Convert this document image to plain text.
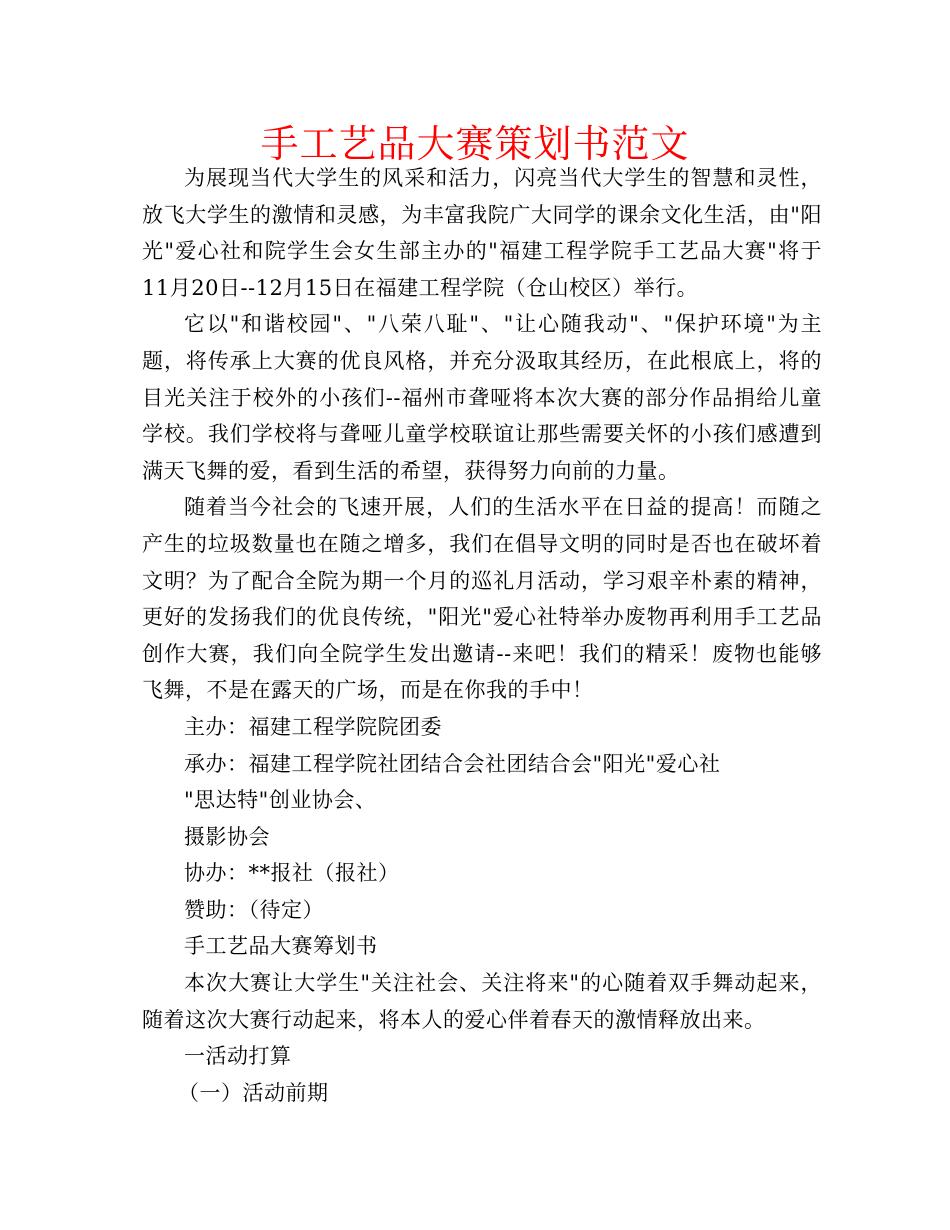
手工艺品大赛策划书范文

为展现当代大学生的风采和活力，闪亮当代大学生的智慧和灵性，放飞大学生的激情和灵感，为丰富我院广大同学的课余文化生活，由"阳光"爱心社和院学生会女生部主办的"福建工程学院手工艺品大赛"将于11月20日--12月15日在福建工程学院（仓山校区）举行。

它以"和谐校园"、"八荣八耻"、"让心随我动"、"保护环境"为主题，将传承上大赛的优良风格，并充分汲取其经历，在此根底上，将的目光关注于校外的小孩们--福州市聋哑将本次大赛的部分作品捐给儿童学校。我们学校将与聋哑儿童学校联谊让那些需要关怀的小孩们感遭到满天飞舞的爱，看到生活的希望，获得努力向前的力量。

随着当今社会的飞速开展，人们的生活水平在日益的提高！而随之产生的垃圾数量也在随之增多，我们在倡导文明的同时是否也在破坏着文明？为了配合全院为期一个月的巡礼月活动，学习艰辛朴素的精神，更好的发扬我们的优良传统，"阳光"爱心社特举办废物再利用手工艺品创作大赛，我们向全院学生发出邀请--来吧！我们的精采！废物也能够飞舞，不是在露天的广场，而是在你我的手中！

主办：福建工程学院院团委

承办：福建工程学院社团结合会社团结合会"阳光"爱心社

"思达特"创业协会、

摄影协会

协办：**报社（报社）

赞助：（待定）

手工艺品大赛筹划书

本次大赛让大学生"关注社会、关注将来"的心随着双手舞动起来，随着这次大赛行动起来，将本人的爱心伴着春天的激情释放出来。

一活动打算

（一）活动前期
